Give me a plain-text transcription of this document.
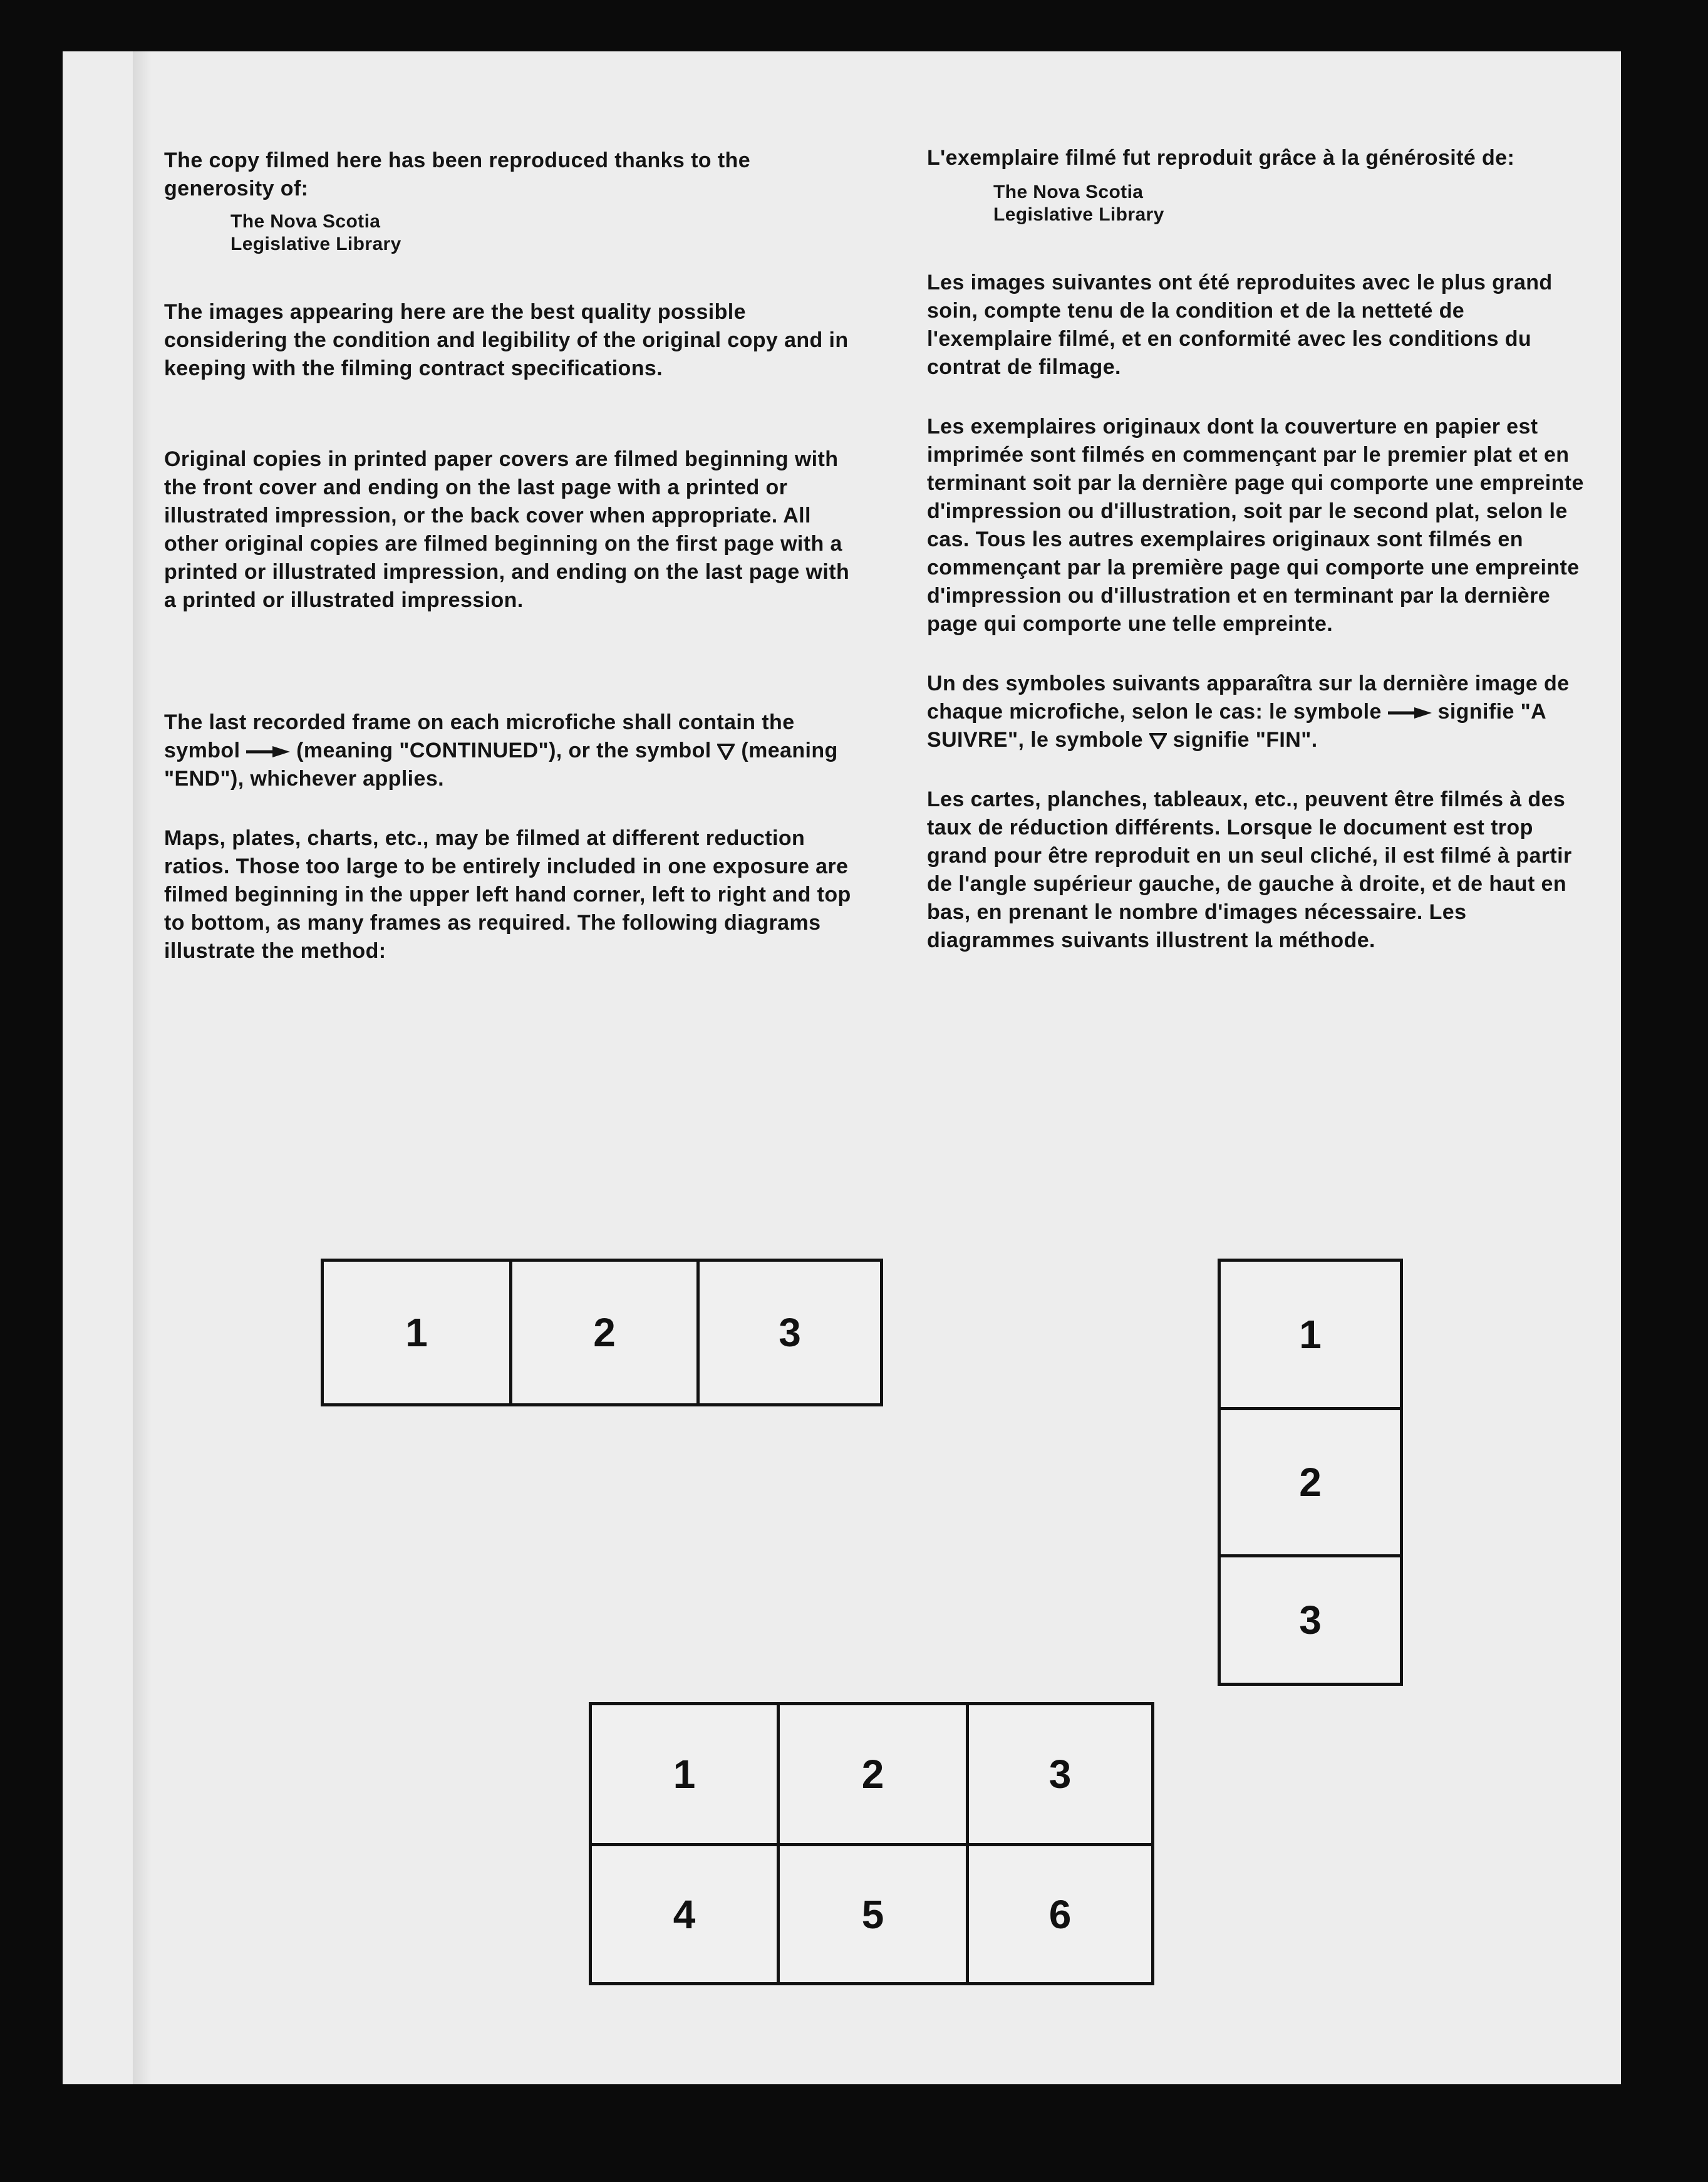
The copy filmed here has been reproduced thanks to the generosity of:

The Nova Scotia
Legislative Library

The images appearing here are the best quality possible considering the condition and legibility of the original copy and in keeping with the filming contract specifications.

Original copies in printed paper covers are filmed beginning with the front cover and ending on the last page with a printed or illustrated impression, or the back cover when appropriate. All other original copies are filmed beginning on the first page with a printed or illustrated impression, and ending on the last page with a printed or illustrated impression.

The last recorded frame on each microfiche shall contain the symbol	(meaning "CONTINUED"), or the symbol (meaning "END"), whichever applies.

Maps, plates, charts, etc., may be filmed at different reduction ratios. Those too large to be entirely included in one exposure are filmed beginning in the upper left hand corner, left to right and top to bottom, as many frames as required. The following diagrams illustrate the method:

L'exemplaire filmé fut reproduit grâce à la générosité de:

The Nova Scotia
Legislative Library

Les images suivantes ont été reproduites avec le plus grand soin, compte tenu de la condition et de la netteté de l'exemplaire filmé, et en conformité avec les conditions du contrat de filmage.

Les exemplaires originaux dont la couverture en papier est imprimée sont filmés en commençant par le premier plat et en terminant soit par la dernière page qui comporte une empreinte d'impression ou d'illustration, soit par le second plat, selon le cas. Tous les autres exemplaires originaux sont filmés en commençant par la première page qui comporte une empreinte d'impression ou d'illustration et en terminant par la dernière page qui comporte une telle empreinte.

Un des symboles suivants apparaîtra sur la dernière image de chaque microfiche, selon le cas: le symbole	signifie "A SUIVRE", le symbole signifie "FIN".

Les cartes, planches, tableaux, etc., peuvent être filmés à des taux de réduction différents. Lorsque le document est trop grand pour être reproduit en un seul cliché, il est filmé à partir de l'angle supérieur gauche, de gauche à droite, et de haut en bas, en prenant le nombre d'images nécessaire. Les diagrammes suivants illustrent la méthode.

1	2	3	1
2
3
1	2	3
4	5	6
